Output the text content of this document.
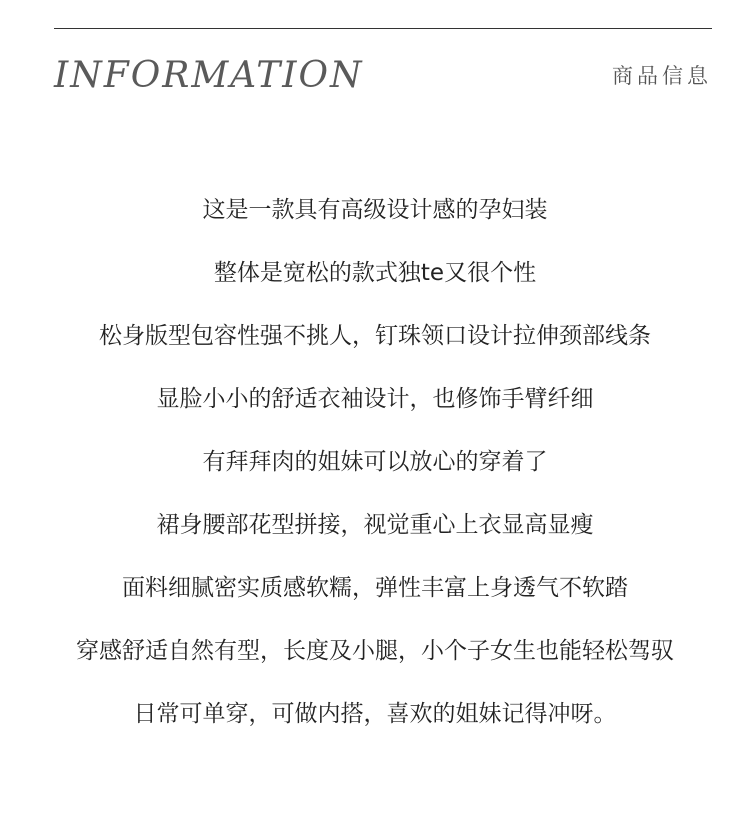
INFORMATION	商品信息
这是一款具有高级设计感的孕妇装
整体是宽松的款式独te又很个性
松身版型包容性强不挑人，钉珠领口设计拉伸颈部线条
显脸小小的舒适衣袖设计，也修饰手臂纤细
有拜拜肉的姐妹可以放心的穿着了
裙身腰部花型拼接，视觉重心上衣显高显瘦
面料细腻密实质感软糯，弹性丰富上身透气不软踏
穿感舒适自然有型，长度及小腿，小个子女生也能轻松驾驭
日常可单穿，可做内搭，喜欢的姐妹记得冲呀。
